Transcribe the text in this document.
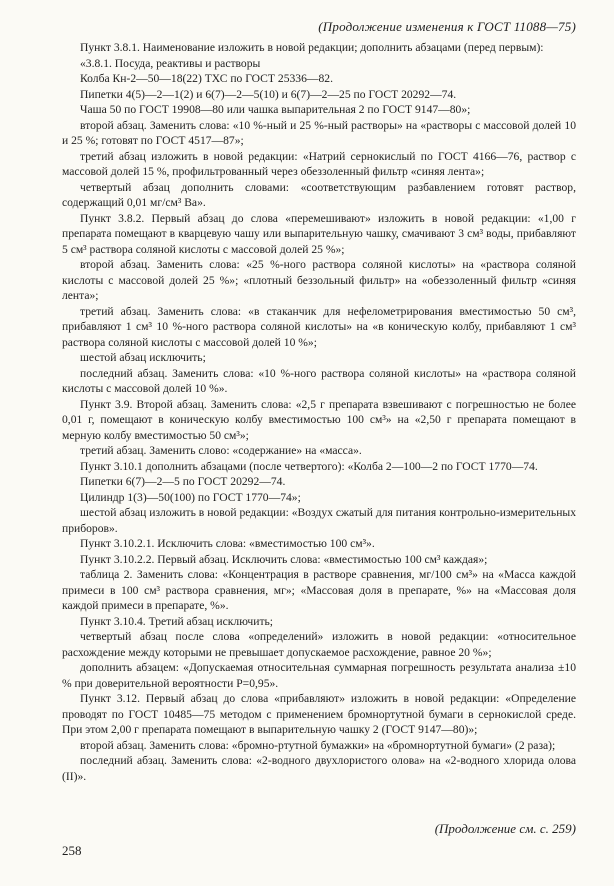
(Продолжение изменения к ГОСТ 11088—75)

Пункт 3.8.1. Наименование изложить в новой редакции; дополнить абзацами (перед первым):

«3.8.1. Посуда, реактивы и растворы

Колба Кн-2—50—18(22) ТХС по ГОСТ 25336—82.

Пипетки 4(5)—2—1(2) и 6(7)—2—5(10) и 6(7)—2—25 по ГОСТ 20292—74.

Чаша 50 по ГОСТ 19908—80 или чашка выпарительная 2 по ГОСТ 9147—80»;

второй абзац. Заменить слова: «10 %-ный и 25 %-ный растворы» на «растворы с массовой долей 10 и 25 %; готовят по ГОСТ 4517—87»;

третий абзац изложить в новой редакции: «Натрий сернокислый по ГОСТ 4166—76, раствор с массовой долей 15 %, профильтрованный через обеззоленный фильтр «синяя лента»;

четвертый абзац дополнить словами: «соответствующим разбавлением готовят раствор, содержащий 0,01 мг/см³ Ва».

Пункт 3.8.2. Первый абзац до слова «перемешивают» изложить в новой редакции: «1,00 г препарата помещают в кварцевую чашу или выпарительную чашку, смачивают 3 см³ воды, прибавляют 5 см³ раствора соляной кислоты с массовой долей 25 %»;

второй абзац. Заменить слова: «25 %-ного раствора соляной кислоты» на «раствора соляной кислоты с массовой долей 25 %»; «плотный беззольный фильтр» на «обеззоленный фильтр «синяя лента»;

третий абзац. Заменить слова: «в стаканчик для нефелометрирования вместимостью 50 см³, прибавляют 1 см³ 10 %-ного раствора соляной кислоты» на «в коническую колбу, прибавляют 1 см³ раствора соляной кислоты с массовой долей 10 %»;

шестой абзац исключить;

последний абзац. Заменить слова: «10 %-ного раствора соляной кислоты» на «раствора соляной кислоты с массовой долей 10 %».

Пункт 3.9. Второй абзац. Заменить слова: «2,5 г препарата взвешивают с погрешностью не более 0,01 г, помещают в коническую колбу вместимостью 100 см³» на «2,50 г препарата помещают в мерную колбу вместимостью 50 см³»;

третий абзац. Заменить слово: «содержание» на «масса».

Пункт 3.10.1 дополнить абзацами (после четвертого): «Колба 2—100—2 по ГОСТ 1770—74.

Пипетки 6(7)—2—5 по ГОСТ 20292—74.

Цилиндр 1(3)—50(100) по ГОСТ 1770—74»;

шестой абзац изложить в новой редакции: «Воздух сжатый для питания контрольно-измерительных приборов».

Пункт 3.10.2.1. Исключить слова: «вместимостью 100 см³».

Пункт 3.10.2.2. Первый абзац. Исключить слова: «вместимостью 100 см³ каждая»;

таблица 2. Заменить слова: «Концентрация в растворе сравнения, мг/100 см³» на «Масса каждой примеси в 100 см³ раствора сравнения, мг»; «Массовая доля в препарате, %» на «Массовая доля каждой примеси в препарате, %».

Пункт 3.10.4. Третий абзац исключить;

четвертый абзац после слова «определений» изложить в новой редакции: «относительное расхождение между которыми не превышает допускаемое расхождение, равное 20 %»;

дополнить абзацем: «Допускаемая относительная суммарная погрешность результата анализа ±10 % при доверительной вероятности P=0,95».

Пункт 3.12. Первый абзац до слова «прибавляют» изложить в новой редакции: «Определение проводят по ГОСТ 10485—75 методом с применением бромнортутной бумаги в сернокислой среде. При этом 2,00 г препарата помещают в выпарительную чашку 2 (ГОСТ 9147—80)»;

второй абзац. Заменить слова: «бромно-ртутной бумажки» на «бромнортутной бумаги» (2 раза);

последний абзац. Заменить слова: «2-водного двухлористого олова» на «2-водного хлорида олова (II)».

(Продолжение см. с. 259)
258
